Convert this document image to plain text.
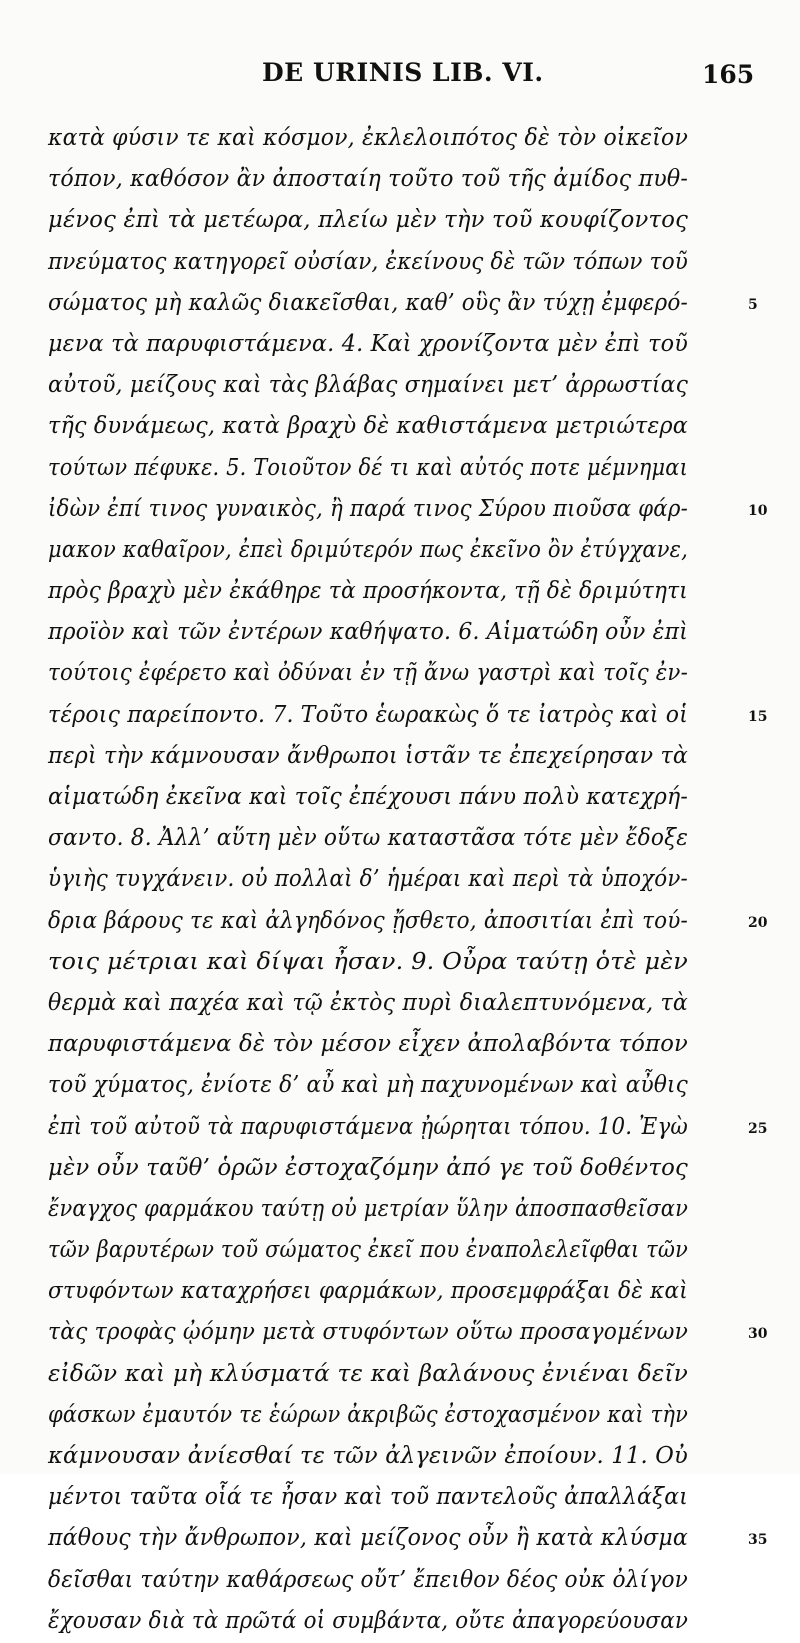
DE URINIS LIB. VI.	165
κατὰ φύσιν τε καὶ κόσμον, ἐκλελοιπότος δὲ τὸν οἰκεῖον
τόπον, καθόσον ἂν ἀποσταίη τοῦτο τοῦ τῆς ἀμίδος πυθ-
μένος ἐπὶ τὰ μετέωρα, πλείω μὲν τὴν τοῦ κουφίζοντος
πνεύματος κατηγορεῖ οὐσίαν, ἐκείνους δὲ τῶν τόπων τοῦ
σώματος μὴ καλῶς διακεῖσθαι, καθ’ οὓς ἂν τύχῃ ἐμφερό-	5
μενα τὰ παρυφιστάμενα. 4. Καὶ χρονίζοντα μὲν ἐπὶ τοῦ
αὐτοῦ, μείζους καὶ τὰς βλάβας σημαίνει μετ’ ἀρρωστίας
τῆς δυνάμεως, κατὰ βραχὺ δὲ καθιστάμενα μετριώτερα
τούτων πέφυκε. 5. Τοιοῦτον δέ τι καὶ αὐτός ποτε μέμνημαι
ἰδὼν ἐπί τινος γυναικὸς, ἢ παρά τινος Σύρου πιοῦσα φάρ-	10
μακον καθαῖρον, ἐπεὶ δριμύτερόν πως ἐκεῖνο ὂν ἐτύγχανε,
πρὸς βραχὺ μὲν ἐκάθηρε τὰ προσήκοντα, τῇ δὲ δριμύτητι
προϊὸν καὶ τῶν ἐντέρων καθήψατο. 6. Αἱματώδη οὖν ἐπὶ
τούτοις ἐφέρετο καὶ ὀδύναι ἐν τῇ ἄνω γαστρὶ καὶ τοῖς ἐν-
τέροις παρείποντο. 7. Τοῦτο ἑωρακὼς ὅ τε ἰατρὸς καὶ οἱ	15
περὶ τὴν κάμνουσαν ἄνθρωποι ἱστᾶν τε ἐπεχείρησαν τὰ
αἱματώδη ἐκεῖνα καὶ τοῖς ἐπέχουσι πάνυ πολὺ κατεχρή-
σαντο. 8. Ἀλλ’ αὕτη μὲν οὕτω καταστᾶσα τότε μὲν ἔδοξε
ὑγιὴς τυγχάνειν. οὐ πολλαὶ δ’ ἡμέραι καὶ περὶ τὰ ὑποχόν-
δρια βάρους τε καὶ ἀλγηδόνος ᾔσθετο, ἀποσιτίαι ἐπὶ τού-	20
τοις μέτριαι καὶ δίψαι ἦσαν. 9. Οὖρα ταύτῃ ὁτὲ μὲν
θερμὰ καὶ παχέα καὶ τῷ ἐκτὸς πυρὶ διαλεπτυνόμενα, τὰ
παρυφιστάμενα δὲ τὸν μέσον εἶχεν ἀπολαβόντα τόπον
τοῦ χύματος, ἐνίοτε δ’ αὖ καὶ μὴ παχυνομένων καὶ αὖθις
ἐπὶ τοῦ αὐτοῦ τὰ παρυφιστάμενα ᾐώρηται τόπου. 10. Ἐγὼ	25
μὲν οὖν ταῦθ’ ὁρῶν ἐστοχαζόμην ἀπό γε τοῦ δοθέντος
ἔναγχος φαρμάκου ταύτῃ οὐ μετρίαν ὕλην ἀποσπασθεῖσαν
τῶν βαρυτέρων τοῦ σώματος ἐκεῖ που ἐναπολελεῖφθαι τῶν
στυφόντων καταχρήσει φαρμάκων, προσεμφράξαι δὲ καὶ
τὰς τροφὰς ᾠόμην μετὰ στυφόντων οὕτω προσαγομένων	30
εἰδῶν καὶ μὴ κλύσματά τε καὶ βαλάνους ἐνιέναι δεῖν
φάσκων ἐμαυτόν τε ἑώρων ἀκριβῶς ἐστοχασμένον καὶ τὴν
κάμνουσαν ἀνίεσθαί τε τῶν ἀλγεινῶν ἐποίουν. 11. Οὐ
μέντοι ταῦτα οἷά τε ἦσαν καὶ τοῦ παντελοῦς ἀπαλλάξαι
πάθους τὴν ἄνθρωπον, καὶ μείζονος οὖν ἢ κατὰ κλύσμα	35
δεῖσθαι ταύτην καθάρσεως οὔτ’ ἔπειθον δέος οὐκ ὀλίγον
ἔχουσαν διὰ τὰ πρῶτά οἱ συμβάντα, οὔτε ἀπαγορεύουσαν
